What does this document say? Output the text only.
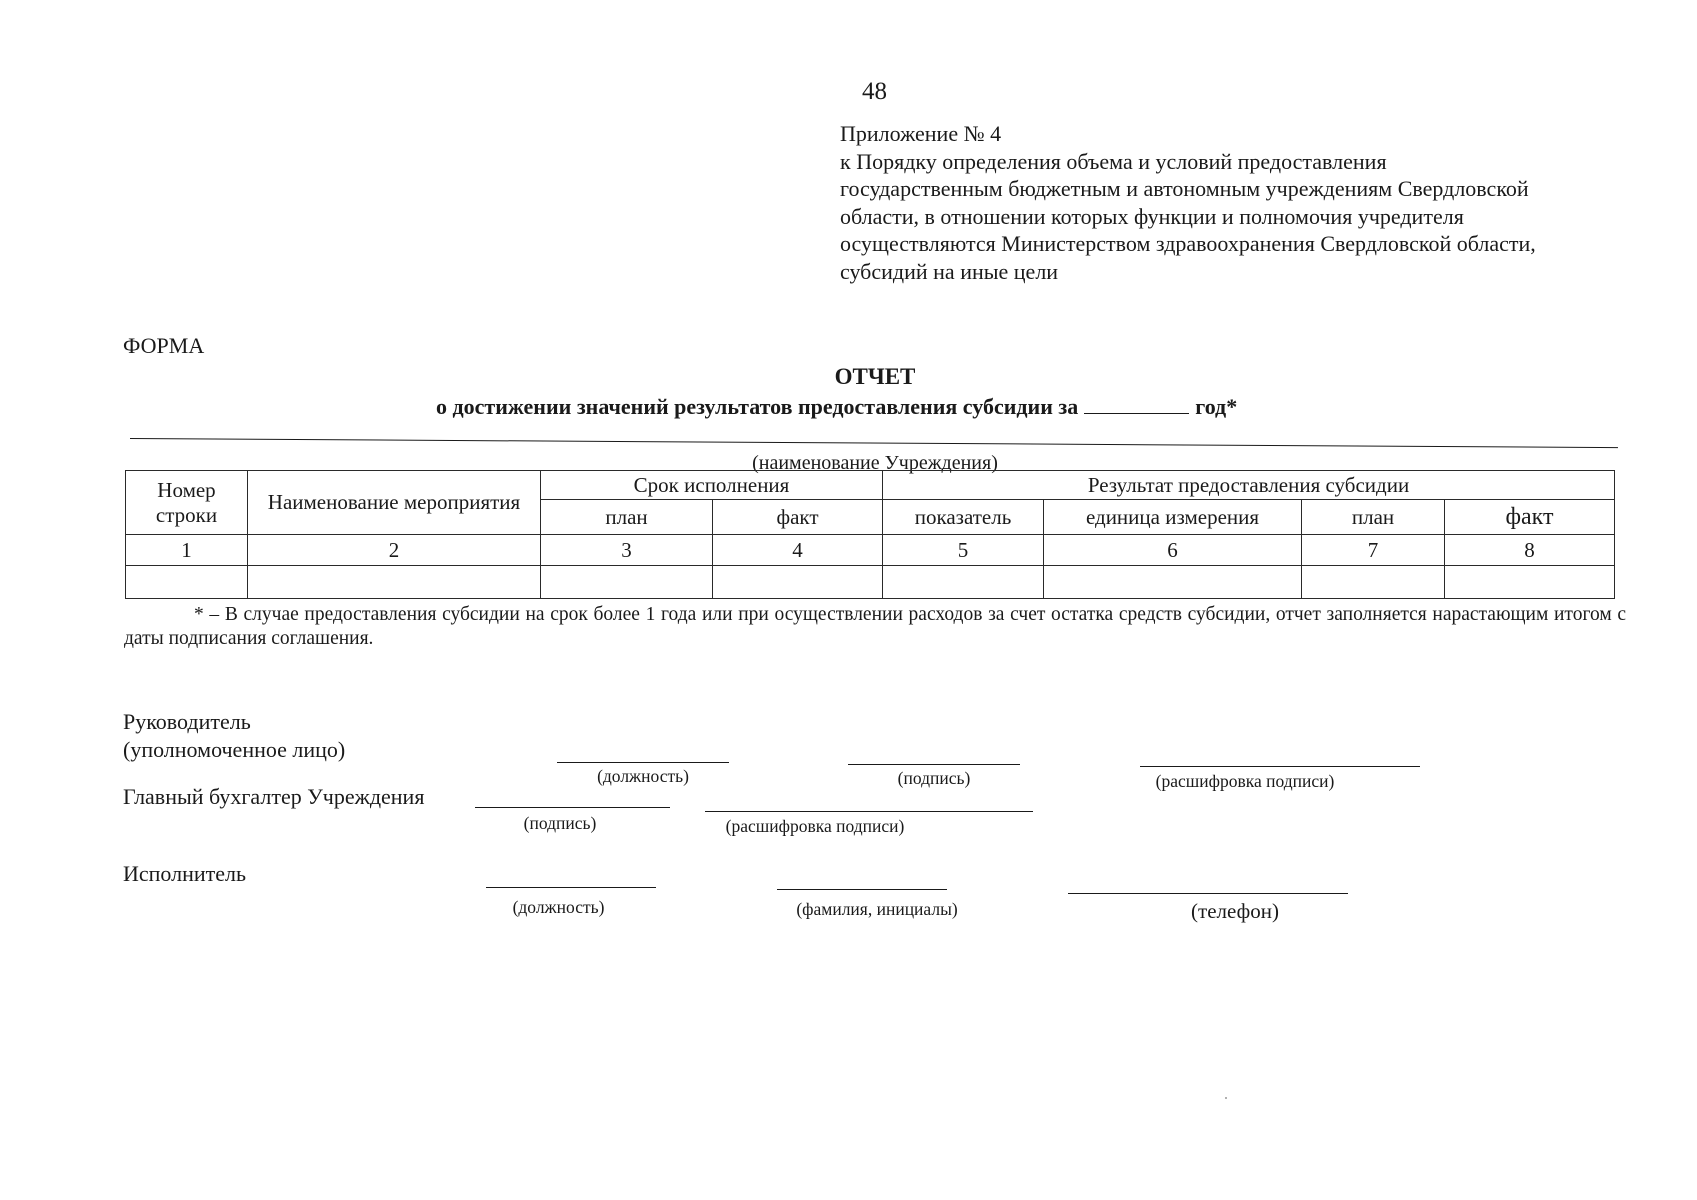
48
Приложение № 4
к Порядку определения объема и условий предоставления
государственным бюджетным и автономным учреждениям Свердловской
области, в отношении которых функции и полномочия учредителя
осуществляются Министерством здравоохранения Свердловской области,
субсидий на иные цели
ФОРМА
ОТЧЕТ
о достижении значений результатов предоставления субсидии за	год*
(наименование Учреждения)
Номер строки	Наименование мероприятия	Срок исполнения		Результат предоставления субсидии			
		план	факт	показатель	единица измерения	план	факт
1	2	3	4	5	6	7	8

* – В случае предоставления субсидии на срок более 1 года или при осуществлении расходов за счет остатка средств субсидии, отчет заполняется нарастающим итогом с даты подписания соглашения.
Руководитель
(уполномоченное лицо)
(должность)	(подпись)	(расшифровка подписи)
Главный бухгалтер Учреждения
(подпись)	(расшифровка подписи)
Исполнитель
(должность)	(фамилия, инициалы)	(телефон)
